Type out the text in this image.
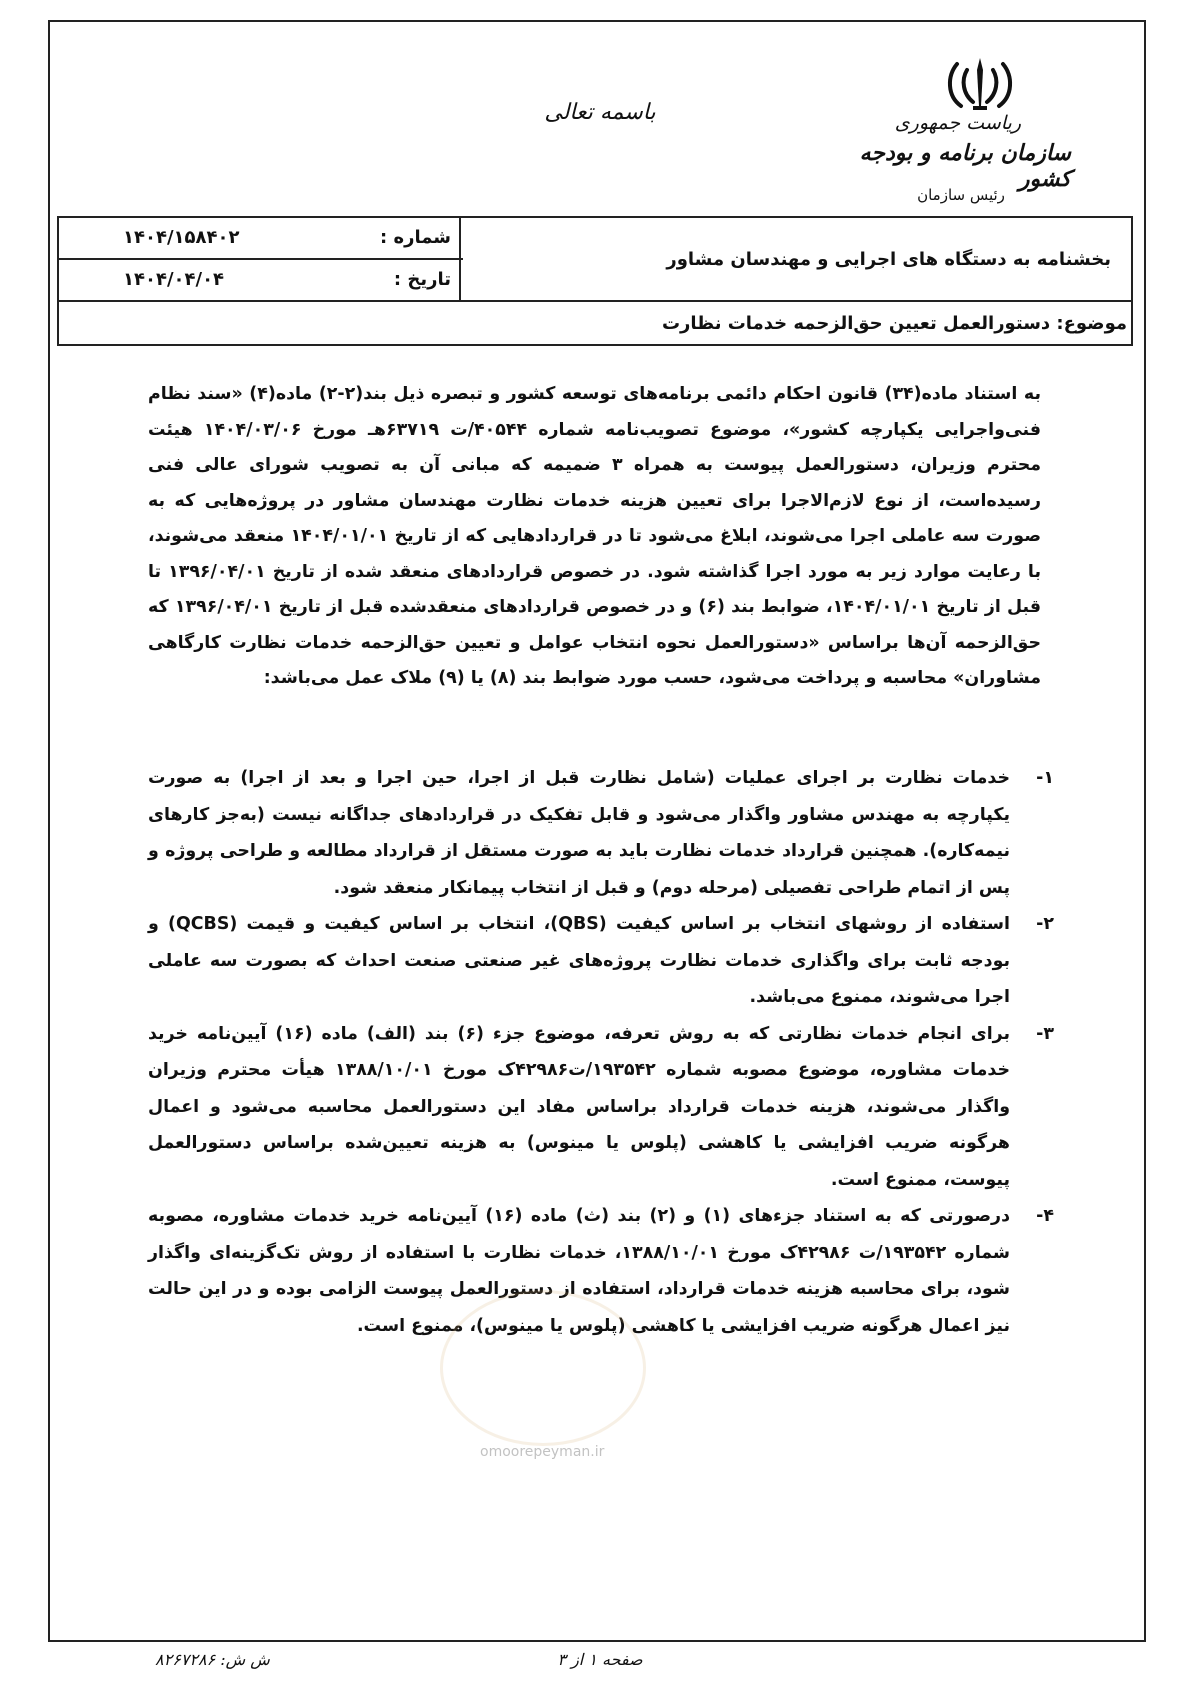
ریاست جمهوری
سازمان برنامه و بودجه کشور
رئیس سازمان
باسمه تعالی
بخشنامه به دستگاه های اجرایی و مهندسان مشاور
شماره :
۱۴۰۴/۱۵۸۴۰۲
تاریخ :
۱۴۰۴/۰۴/۰۴
موضوع: دستورالعمل تعیین حق‌الزحمه خدمات نظارت
به استناد ماده(۳۴) قانون احکام دائمی برنامه‌های توسعه کشور و تبصره ذیل بند(۲-۲) ماده(۴) «سند نظام فنی‌واجرایی یکپارچه کشور»، موضوع تصویب‌نامه شماره ۴۰۵۴۴/ت ۶۳۷۱۹هـ مورخ ۱۴۰۴/۰۳/۰۶ هیئت محترم وزیران، دستورالعمل پیوست به همراه ۳ ضمیمه که مبانی آن به تصویب شورای عالی فنی رسیده‌است، از نوع لازم‌الاجرا برای تعیین هزینه خدمات نظارت مهندسان مشاور در پروژه‌هایی که به صورت سه عاملی اجرا می‌شوند، ابلاغ می‌شود تا در قراردادهایی که از تاریخ ۱۴۰۴/۰۱/۰۱ منعقد می‌شوند، با رعایت موارد زیر به مورد اجرا گذاشته شود. در خصوص قراردادهای منعقد شده از تاریخ ۱۳۹۶/۰۴/۰۱ تا قبل از تاریخ ۱۴۰۴/۰۱/۰۱، ضوابط بند (۶) و در خصوص قراردادهای منعقدشده قبل از تاریخ ۱۳۹۶/۰۴/۰۱ که حق‌الزحمه آن‌ها براساس «دستورالعمل نحوه انتخاب عوامل و تعیین حق‌الزحمه خدمات نظارت کارگاهی مشاوران» محاسبه و پرداخت می‌شود، حسب مورد ضوابط بند (۸) یا (۹) ملاک عمل می‌باشد:
۱-
خدمات نظارت بر اجرای عملیات (شامل نظارت قبل از اجرا، حین اجرا و بعد از اجرا) به صورت یکپارچه به مهندس مشاور واگذار می‌شود و قابل تفکیک در قراردادهای جداگانه نیست (به‌جز کارهای نیمه‌کاره). همچنین قرارداد خدمات نظارت باید به صورت مستقل از قرارداد مطالعه و طراحی پروژه و پس از اتمام طراحی تفصیلی (مرحله دوم) و قبل از انتخاب پیمانکار منعقد شود.
۲-
استفاده از روشهای انتخاب بر اساس کیفیت (QBS)، انتخاب بر اساس کیفیت و قیمت (QCBS) و بودجه ثابت برای واگذاری خدمات نظارت پروژه‌های غیر صنعتی صنعت احداث که بصورت سه عاملی اجرا می‌شوند، ممنوع می‌باشد.
۳-
برای انجام خدمات نظارتی که به روش تعرفه، موضوع جزء (۶) بند (الف) ماده (۱۶) آیین‌نامه خرید خدمات مشاوره، موضوع مصوبه شماره ۱۹۳۵۴۲/ت۴۲۹۸۶ک مورخ ۱۳۸۸/۱۰/۰۱ هیأت محترم وزیران واگذار می‌شوند، هزینه خدمات قرارداد براساس مفاد این دستورالعمل محاسبه می‌شود و اعمال هرگونه ضریب افزایشی یا کاهشی (پلوس یا مینوس) به هزینه تعیین‌شده براساس دستورالعمل پیوست، ممنوع است.
۴-
درصورتی که به استناد جزءهای (۱) و (۲) بند (ث) ماده (۱۶) آیین‌نامه خرید خدمات مشاوره، مصوبه شماره ۱۹۳۵۴۲/ت ۴۲۹۸۶ک مورخ ۱۳۸۸/۱۰/۰۱، خدمات نظارت با استفاده از روش تک‌گزینه‌ای واگذار شود، برای محاسبه هزینه خدمات قرارداد، استفاده از دستورالعمل پیوست الزامی بوده و در این حالت نیز اعمال هرگونه ضریب افزایشی یا کاهشی (پلوس یا مینوس)، ممنوع است.
omoorepeyman.ir
صفحه ۱ از ۳
ش ش: ۸۲۶۷۲۸۶
